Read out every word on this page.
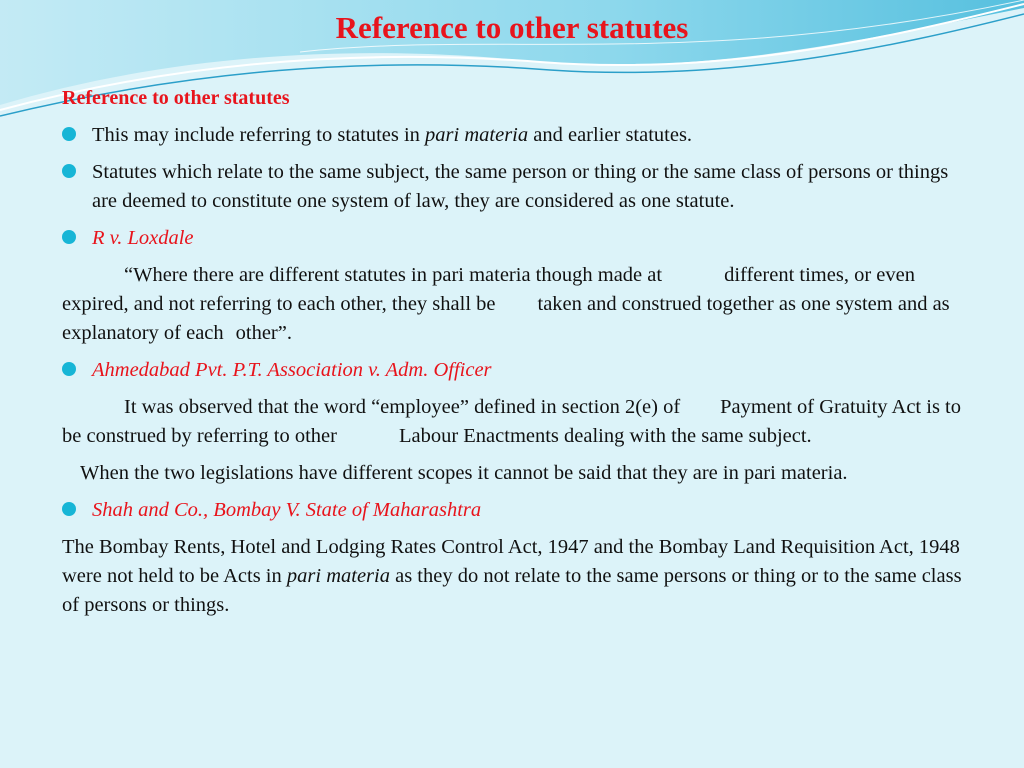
Reference to other statutes

Reference to other statutes

This may include referring to statutes in pari materia and earlier statutes.

Statutes which relate to the same subject, the same person or thing or the same class of persons or things are deemed to constitute one system of law, they are considered as one statute.

R v. Loxdale

“Where there are different statutes in pari materia though made at	different times, or even expired, and not referring to each other, they shall be taken and construed together as one system and as explanatory of each other”.

Ahmedabad Pvt. P.T. Association v. Adm. Officer

It was observed that the word “employee” defined in section 2(e) of Payment of Gratuity Act is to be construed by referring to other	Labour Enactments dealing with the same subject.

When the two legislations have different scopes it cannot be said that they are in pari materia.

Shah and Co., Bombay V. State of Maharashtra

The Bombay Rents, Hotel and Lodging Rates Control Act, 1947 and the Bombay Land Requisition Act, 1948 were not held to be Acts in pari materia as they do not relate to the same persons or thing or to the same class of persons or things.
